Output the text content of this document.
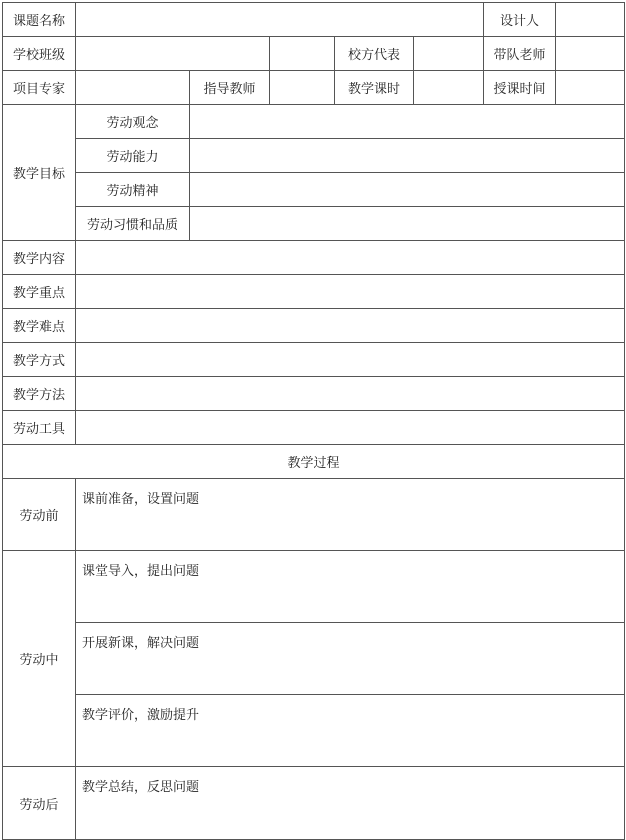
课题名称						设计人	
学校班级				校方代表		带队老师	
项目专家		指导教师		教学课时		授课时间	
教学目标	劳动观念						
	劳动能力						
	劳动精神						
	劳动习惯和品质						
教学内容							
教学重点							
教学难点							
教学方式							
教学方法							
劳动工具							
教学过程							
劳动前	课前准备，设置问题						
劳动中	课堂导入，提出问题						
	开展新课，解决问题						
	教学评价，激励提升						
劳动后	教学总结，反思问题						
